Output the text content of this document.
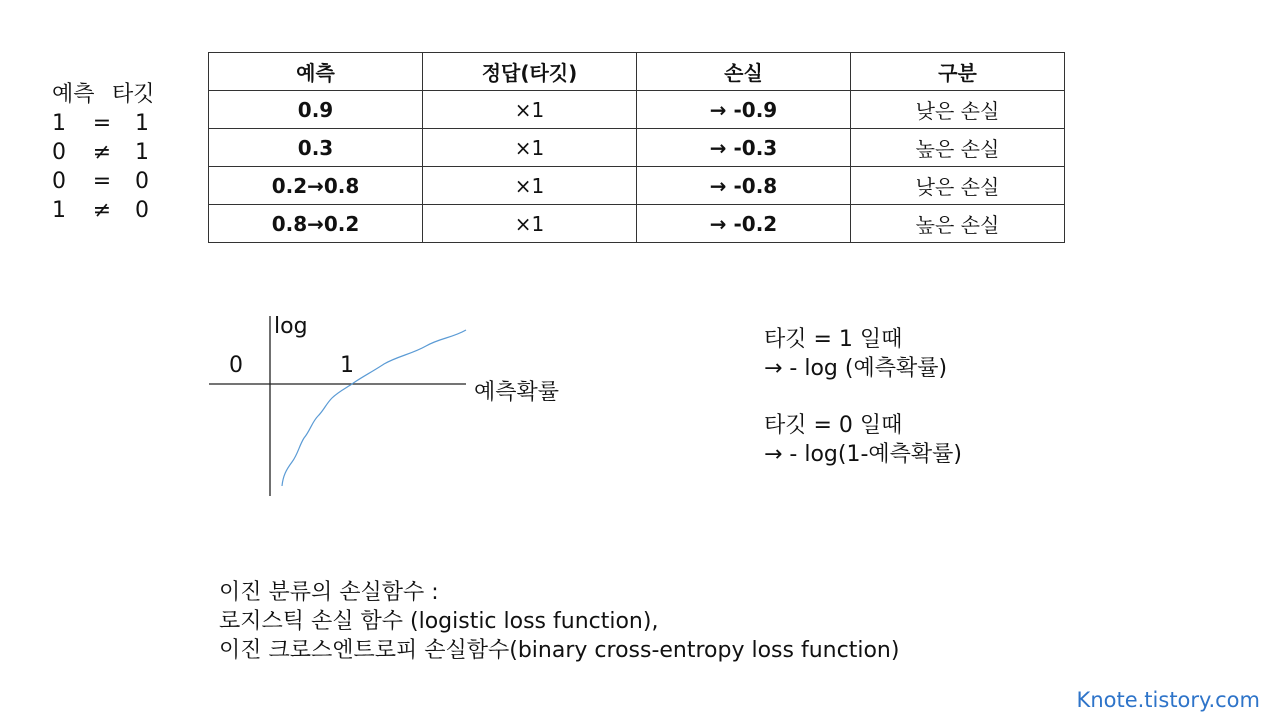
예측 타깃
1	=	1
0	≠	1
0	=	0
1	≠	0
예측	정답(타깃)	손실	구분
0.9	×1	→ -0.9	낮은 손실
0.3	×1	→ -0.3	높은 손실
0.2→0.8	×1	→ -0.8	낮은 손실
0.8→0.2	×1	→ -0.2	높은 손실
log
0	1
예측확률
타깃 = 1 일때
→ - log (예측확률)
타깃 = 0 일때
→ - log(1-예측확률)
이진 분류의 손실함수 :
로지스틱 손실 함수 (logistic loss function),
이진 크로스엔트로피 손실함수(binary cross-entropy loss function)
Knote.tistory.com
